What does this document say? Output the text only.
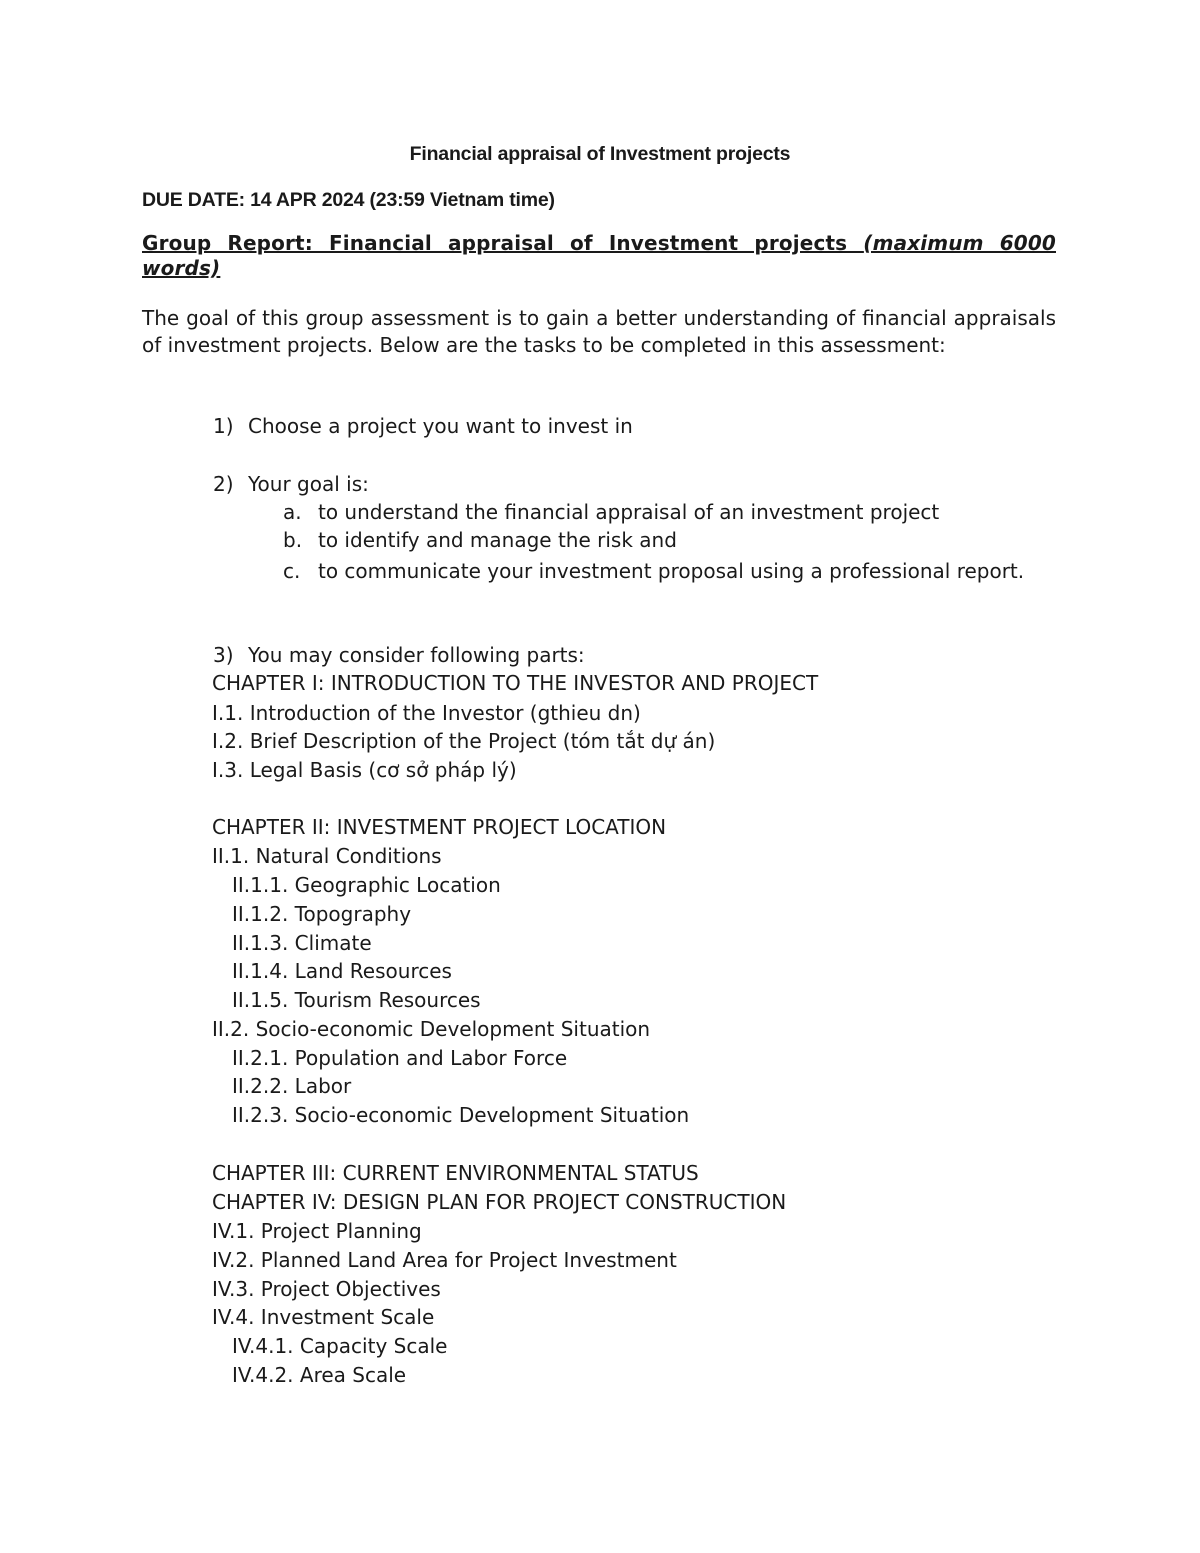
Financial appraisal of Investment projects
DUE DATE: 14 APR 2024 (23:59 Vietnam time)
Group Report: Financial appraisal of Investment projects (maximum 6000 words)
The goal of this group assessment is to gain a better understanding of financial appraisals of investment projects. Below are the tasks to be completed in this assessment:
1) Choose a project you want to invest in
2) Your goal is:
a. to understand the financial appraisal of an investment project
b. to identify and manage the risk and
c. to communicate your investment proposal using a professional report.
3) You may consider following parts:
CHAPTER I: INTRODUCTION TO THE INVESTOR AND PROJECT
I.1. Introduction of the Investor (gthieu dn)
I.2. Brief Description of the Project (tóm tắt dự án)
I.3. Legal Basis (cơ sở pháp lý)
CHAPTER II: INVESTMENT PROJECT LOCATION
II.1. Natural Conditions
II.1.1. Geographic Location
II.1.2. Topography
II.1.3. Climate
II.1.4. Land Resources
II.1.5. Tourism Resources
II.2. Socio-economic Development Situation
II.2.1. Population and Labor Force
II.2.2. Labor
II.2.3. Socio-economic Development Situation
CHAPTER III: CURRENT ENVIRONMENTAL STATUS
CHAPTER IV: DESIGN PLAN FOR PROJECT CONSTRUCTION
IV.1. Project Planning
IV.2. Planned Land Area for Project Investment
IV.3. Project Objectives
IV.4. Investment Scale
IV.4.1. Capacity Scale
IV.4.2. Area Scale
